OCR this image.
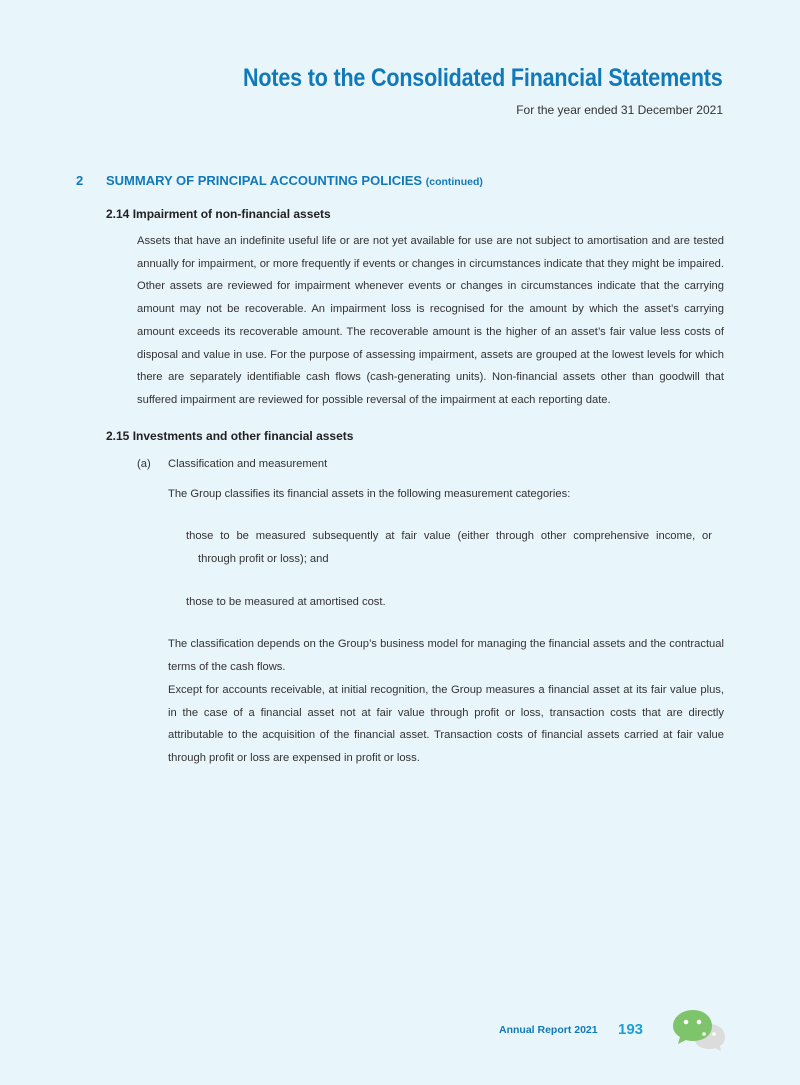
Notes to the Consolidated Financial Statements
For the year ended 31 December 2021
2 SUMMARY OF PRINCIPAL ACCOUNTING POLICIES (continued)
2.14 Impairment of non-financial assets

Assets that have an indefinite useful life or are not yet available for use are not subject to amortisation and are tested annually for impairment, or more frequently if events or changes in circumstances indicate that they might be impaired. Other assets are reviewed for impairment whenever events or changes in circumstances indicate that the carrying amount may not be recoverable. An impairment loss is recognised for the amount by which the asset’s carrying amount exceeds its recoverable amount. The recoverable amount is the higher of an asset’s fair value less costs of disposal and value in use. For the purpose of assessing impairment, assets are grouped at the lowest levels for which there are separately identifiable cash flows (cash-generating units). Non-financial assets other than goodwill that suffered impairment are reviewed for possible reversal of the impairment at each reporting date.

2.15 Investments and other financial assets
(a) Classification and measurement
The Group classifies its financial assets in the following measurement categories:
those to be measured subsequently at fair value (either through other comprehensive income, or
through profit or loss); and
those to be measured at amortised cost.

The classification depends on the Group’s business model for managing the financial assets and the contractual terms of the cash flows.

Except for accounts receivable, at initial recognition, the Group measures a financial asset at its fair value plus, in the case of a financial asset not at fair value through profit or loss, transaction costs that are directly attributable to the acquisition of the financial asset. Transaction costs of financial assets carried at fair value through profit or loss are expensed in profit or loss.

Annual Report 2021 193
